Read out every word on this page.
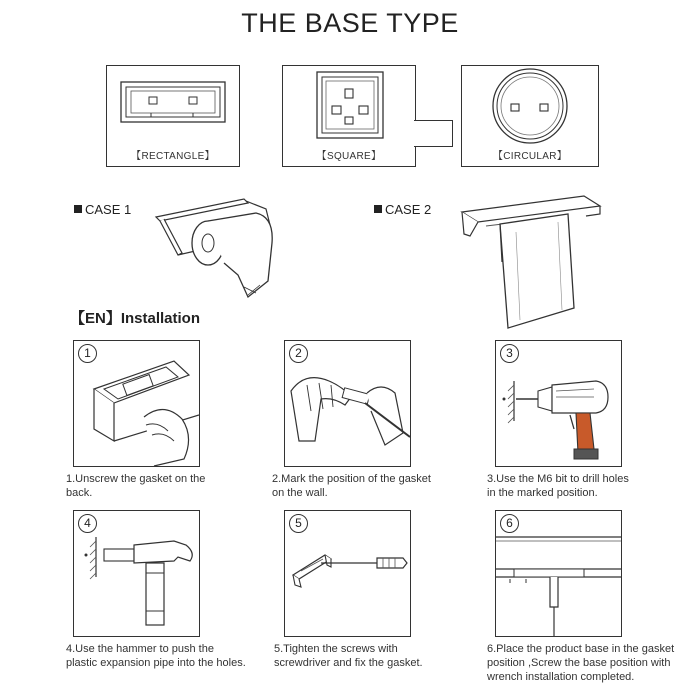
THE BASE TYPE
【RECTANGLE】	【SQUARE】	【CIRCULAR】
CASE 1	CASE 2
【EN】Installation
1
1.Unscrew the gasket on the
back.
2
2.Mark the position of the gasket
on the wall.
3
3.Use the M6 bit to drill holes
in the marked position.
4
4.Use the hammer to push the
plastic expansion pipe into the holes.
5
5.Tighten the screws with
screwdriver and fix the gasket.
6
6.Place the product base in the gasket
position ,Screw the base position with
wrench installation completed.
